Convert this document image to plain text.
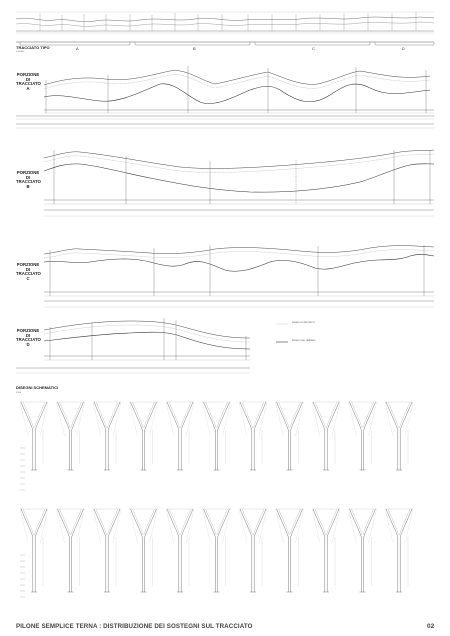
TRACCIATO TIPO
1:10.000
A	B	C	D
PORZIONE
DI
TRACCIATO
A
PORZIONE
DI
TRACCIATO
B
PORZIONE
DI
TRACCIATO
C
PORZIONE
DI
TRACCIATO
D
PROFILO DI PROGETTO
PROFILO DEL TERRENO
DISEGNI SCHEMATICI
1:500
PILONE SEMPLICE TERNA : DISTRIBUZIONE DEI SOSTEGNI SUL TRACCIATO	02
